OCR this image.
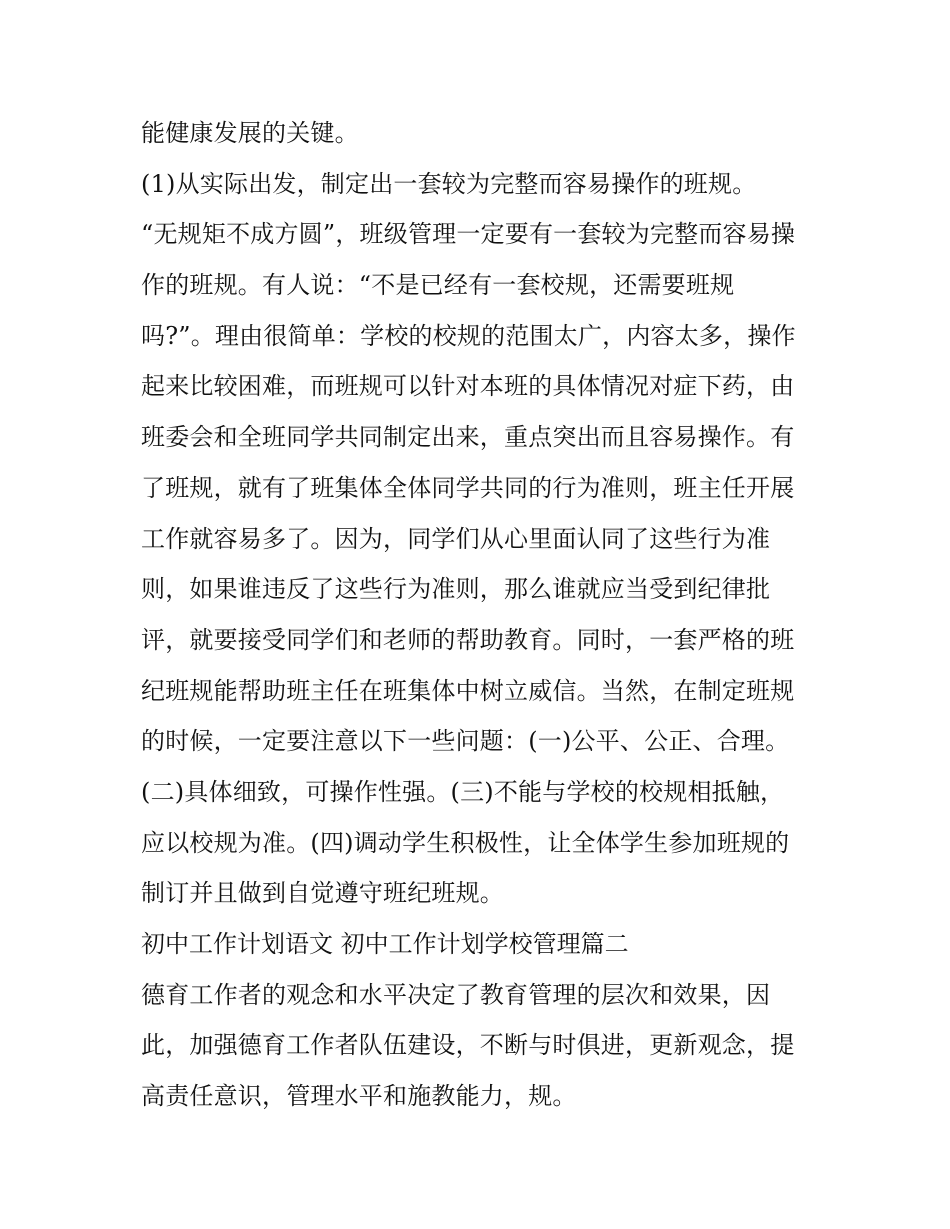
能健康发展的关键。
(1)从实际出发，制定出一套较为完整而容易操作的班规。
“无规矩不成方圆”，班级管理一定要有一套较为完整而容易操
作的班规。有人说：“不是已经有一套校规，还需要班规
吗?”。理由很简单：学校的校规的范围太广，内容太多，操作
起来比较困难，而班规可以针对本班的具体情况对症下药，由
班委会和全班同学共同制定出来，重点突出而且容易操作。有
了班规，就有了班集体全体同学共同的行为准则，班主任开展
工作就容易多了。因为，同学们从心里面认同了这些行为准
则，如果谁违反了这些行为准则，那么谁就应当受到纪律批
评，就要接受同学们和老师的帮助教育。同时，一套严格的班
纪班规能帮助班主任在班集体中树立威信。当然，在制定班规
的时候，一定要注意以下一些问题：(一)公平、公正、合理。
(二)具体细致，可操作性强。(三)不能与学校的校规相抵触，
应以校规为准。(四)调动学生积极性，让全体学生参加班规的
制订并且做到自觉遵守班纪班规。
初中工作计划语文 初中工作计划学校管理篇二
德育工作者的观念和水平决定了教育管理的层次和效果，因
此，加强德育工作者队伍建设，不断与时俱进，更新观念，提
高责任意识，管理水平和施教能力，规。
